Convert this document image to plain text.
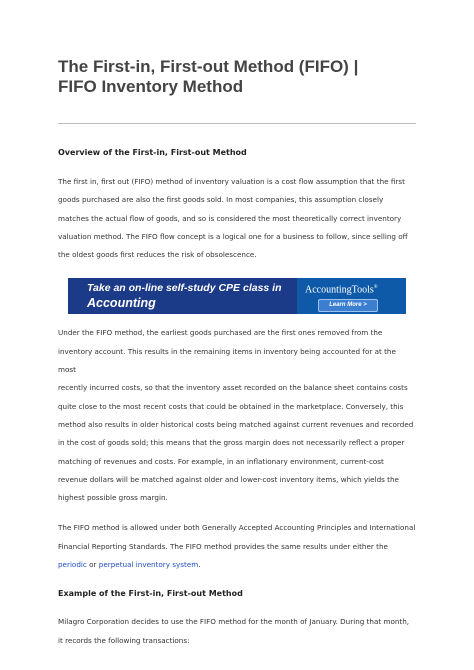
The First-in, First-out Method (FIFO) |
FIFO Inventory Method
Overview of the First-in, First-out Method

The first in, first out (FIFO) method of inventory valuation is a cost flow assumption that the first
goods purchased are also the first goods sold. In most companies, this assumption closely
matches the actual flow of goods, and so is considered the most theoretically correct inventory
valuation method. The FIFO flow concept is a logical one for a business to follow, since selling off
the oldest goods first reduces the risk of obsolescence.

Take an on-line self-study CPE class in
Accounting
AccountingTools®
Learn More >

Under the FIFO method, the earliest goods purchased are the first ones removed from the
inventory account. This results in the remaining items in inventory being accounted for at the most
recently incurred costs, so that the inventory asset recorded on the balance sheet contains costs
quite close to the most recent costs that could be obtained in the marketplace. Conversely, this
method also results in older historical costs being matched against current revenues and recorded
in the cost of goods sold; this means that the gross margin does not necessarily reflect a proper
matching of revenues and costs. For example, in an inflationary environment, current-cost
revenue dollars will be matched against older and lower-cost inventory items, which yields the
highest possible gross margin.

The FIFO method is allowed under both Generally Accepted Accounting Principles and International
Financial Reporting Standards. The FIFO method provides the same results under either the
periodic or perpetual inventory system.

Example of the First-in, First-out Method

Milagro Corporation decides to use the FIFO method for the month of January. During that month,
it records the following transactions:
